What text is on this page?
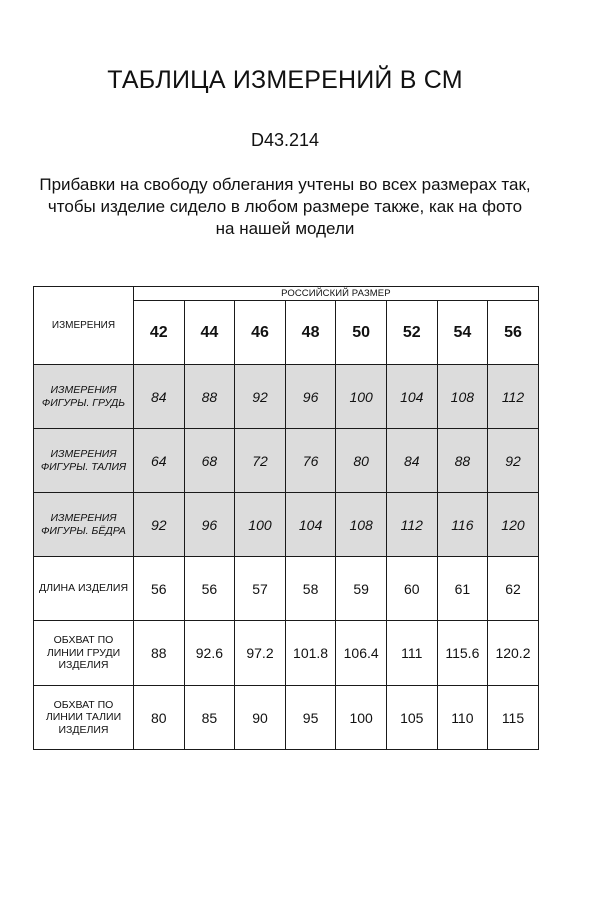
ТАБЛИЦА ИЗМЕРЕНИЙ В СМ
D43.214
Прибавки на свободу облегания учтены во всех размерах так,
чтобы изделие сидело в любом размере также, как на фото
на нашей модели
ИЗМЕРЕНИЯ	РОССИЙСКИЙ РАЗМЕР							
	42	44	46	48	50	52	54	56
ИЗМЕРЕНИЯ
ФИГУРЫ. ГРУДЬ	84	88	92	96	100	104	108	112
ИЗМЕРЕНИЯ
ФИГУРЫ. ТАЛИЯ	64	68	72	76	80	84	88	92
ИЗМЕРЕНИЯ
ФИГУРЫ. БЁДРА	92	96	100	104	108	112	116	120
ДЛИНА ИЗДЕЛИЯ	56	56	57	58	59	60	61	62
ОБХВАТ ПО
ЛИНИИ ГРУДИ
ИЗДЕЛИЯ	88	92.6	97.2	101.8	106.4	111	115.6	120.2
ОБХВАТ ПО
ЛИНИИ ТАЛИИ
ИЗДЕЛИЯ	80	85	90	95	100	105	110	115
